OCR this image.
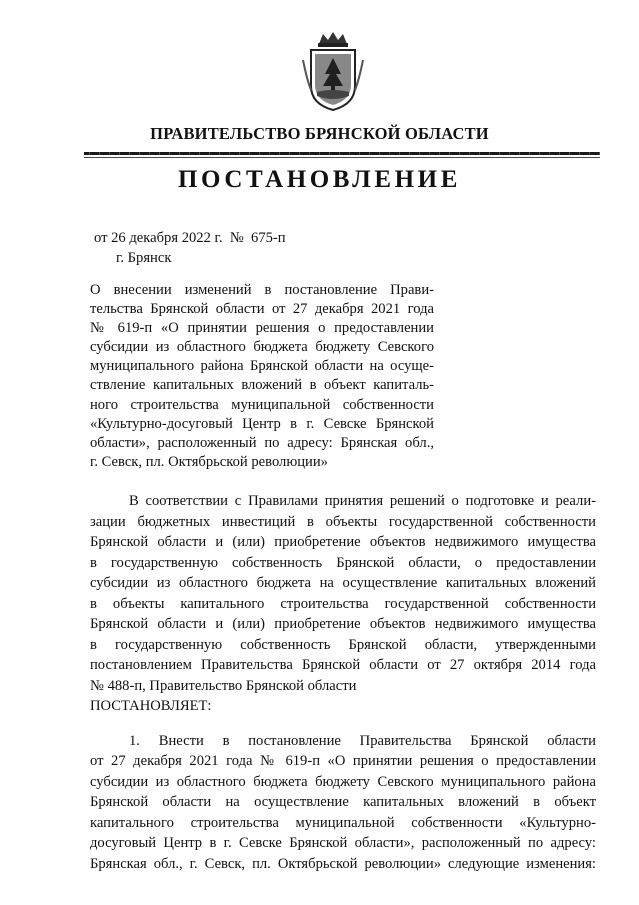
ПРАВИТЕЛЬСТВО БРЯНСКОЙ ОБЛАСТИ
ПОСТАНОВЛЕНИЕ
от 26 декабря 2022 г.  №  675-п
г. Брянск
О внесении изменений в постановление Прави-
тельства Брянской области от 27 декабря 2021 года
№ 619-п «О принятии решения о предоставлении
субсидии из областного бюджета бюджету Севского
муниципального района Брянской области на осуще-
ствление капитальных вложений в объект капиталь-
ного строительства муниципальной собственности
«Культурно-досуговый Центр в г. Севске Брянской
области», расположенный по адресу: Брянская обл.,
г. Севск, пл. Октябрьской революции»
В соответствии с Правилами принятия решений о подготовке и реали-
зации бюджетных инвестиций в объекты государственной собственности
Брянской области и (или) приобретение объектов недвижимого имущества
в государственную собственность Брянской области, о предоставлении
субсидии из областного бюджета на осуществление капитальных вложений
в объекты капитального строительства государственной собственности
Брянской области и (или) приобретение объектов недвижимого имущества
в государственную собственность Брянской области, утвержденными
постановлением Правительства Брянской области от 27 октября 2014 года
№ 488-п, Правительство Брянской области
ПОСТАНОВЛЯЕТ:
1. Внести в постановление Правительства Брянской области
от 27 декабря 2021 года № 619-п «О принятии решения о предоставлении
субсидии из областного бюджета бюджету Севского муниципального района
Брянской области на осуществление капитальных вложений в объект
капитального строительства муниципальной собственности «Культурно-
досуговый Центр в г. Севске Брянской области», расположенный по адресу:
Брянская обл., г. Севск, пл. Октябрьской революции» следующие изменения:
